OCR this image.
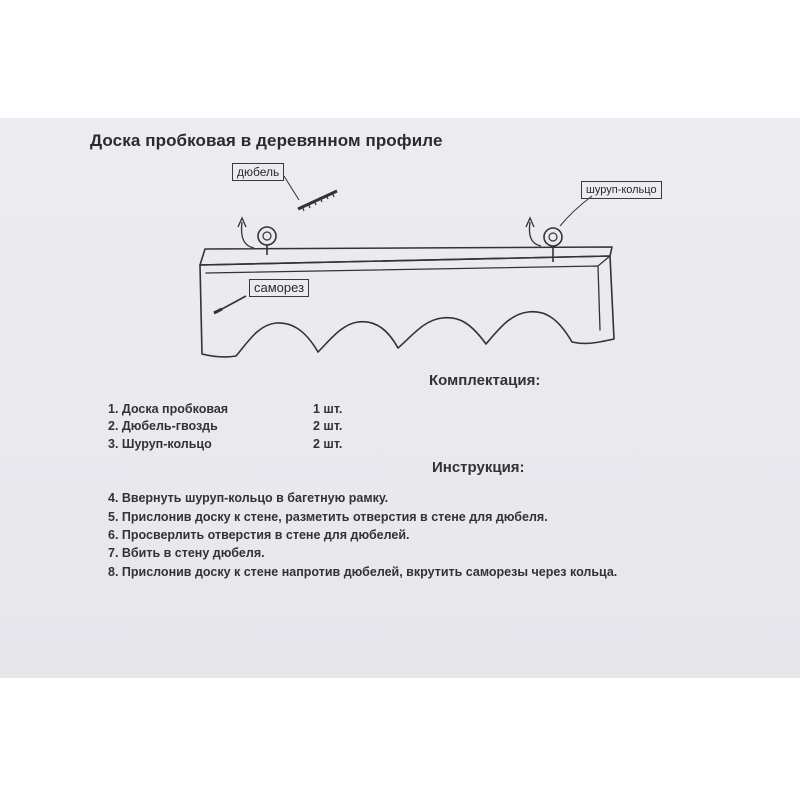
Доска пробковая в деревянном профиле
дюбель
шуруп-кольцо
саморез
Комплектация:
1. Доска пробковая	1 шт.
2. Дюбель-гвоздь	2 шт.
3. Шуруп-кольцо	2 шт.
Инструкция:
4. Ввернуть шуруп-кольцо в багетную рамку.
5. Прислонив доску к стене, разметить отверстия в стене для дюбеля.
6. Просверлить отверстия в стене для дюбелей.
7. Вбить в стену дюбеля.
8. Прислонив доску к стене напротив дюбелей, вкрутить саморезы через кольца.
